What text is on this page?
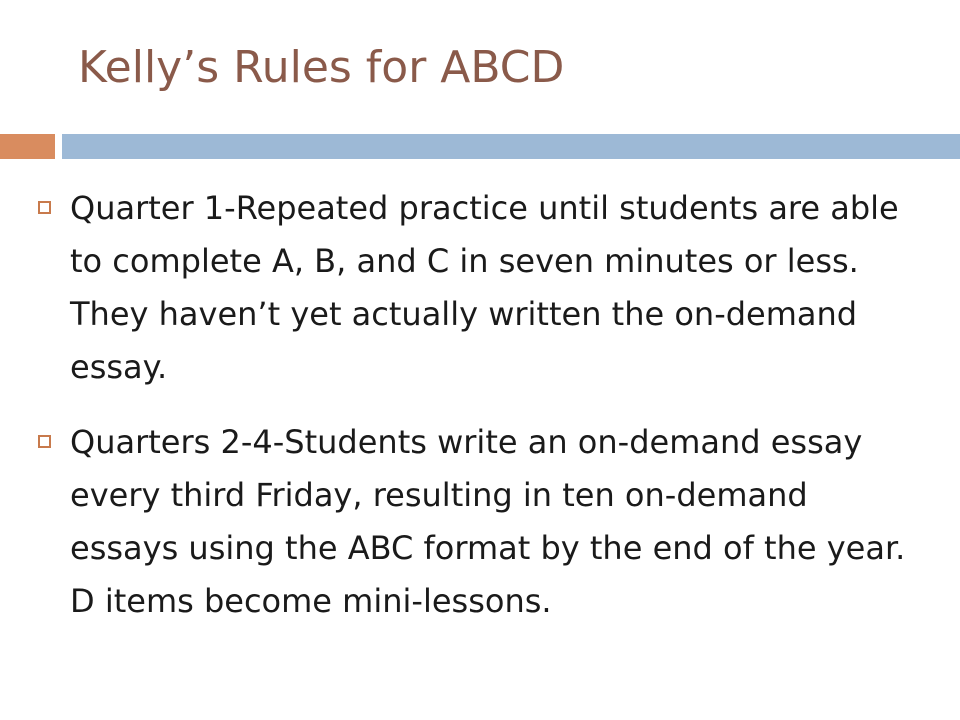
Kelly’s Rules for ABCD
Quarter 1-Repeated practice until students are able to complete A, B, and C in seven minutes or less. They haven’t yet actually written the on-demand essay.
Quarters 2-4-Students write an on-demand essay every third Friday, resulting in ten on-demand essays using the ABC format by the end of the year. D items become mini-lessons.
